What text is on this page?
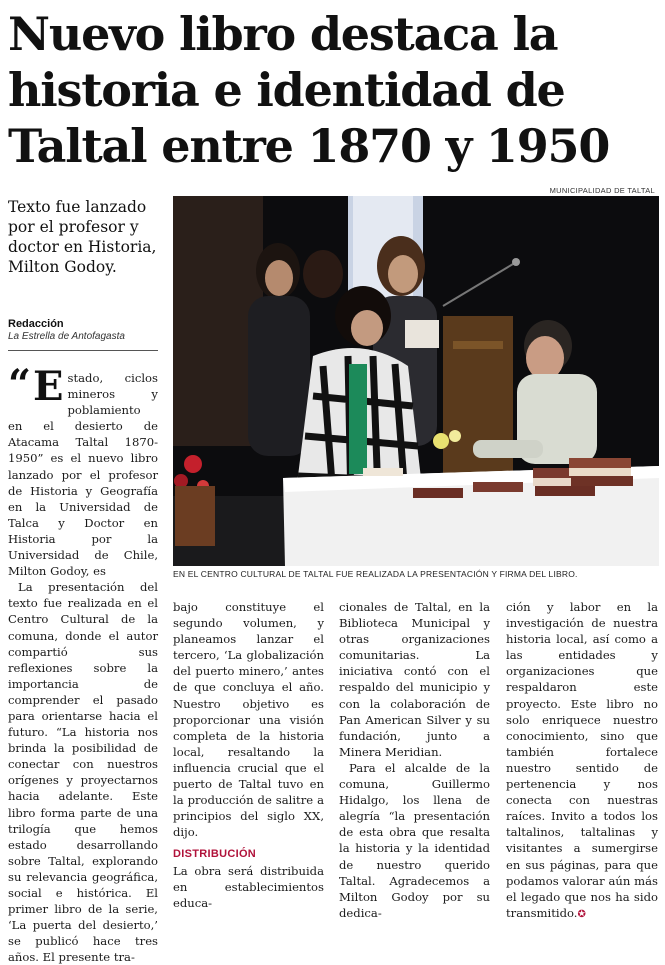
Nuevo libro destaca la historia e identidad de Taltal entre 1870 y 1950
Texto fue lanzado por el profesor y doctor en Historia, Milton Godoy.
Redacción
La Estrella de Antofagasta
MUNICIPALIDAD DE TALTAL
EN EL CENTRO CULTURAL DE TALTAL FUE REALIZADA LA PRESENTACIÓN Y FIRMA DEL LIBRO.
“ E stado, ciclos mineros y poblamiento en el desierto de Atacama Taltal 1870-1950” es el nuevo libro lanzado por el profesor de Historia y Geografía en la Universidad de Talca y Doctor en Historia por la Universidad de Chile, Milton Godoy, es

La presentación del texto fue realizada en el Centro Cultural de la comuna, donde el autor compartió sus reflexiones sobre la importancia de comprender el pasado para orientarse hacia el futuro. “La historia nos brinda la posibilidad de conectar con nuestros orígenes y proyectarnos hacia adelante. Este libro forma parte de una trilogía que hemos estado desarrollando sobre Taltal, explorando su relevancia geográfica, social e histórica. El primer libro de la serie, ‘La puerta del desierto,’ se publicó hace tres años. El presente tra-

bajo constituye el segundo volumen, y planeamos lanzar el tercero, ‘La globalización del puerto minero,’ antes de que concluya el año. Nuestro objetivo es proporcionar una visión completa de la historia local, resaltando la influencia crucial que el puerto de Taltal tuvo en la producción de salitre a principios del siglo XX, dijo.

DISTRIBUCIÓN

La obra será distribuida en establecimientos educa-

cionales de Taltal, en la Biblioteca Municipal y otras organizaciones comunitarias. La iniciativa contó con el respaldo del municipio y con la colaboración de Pan American Silver y su fundación, junto a Minera Meridian.

Para el alcalde de la comuna, Guillermo Hidalgo, los llena de alegría “la presentación de esta obra que resalta la historia y la identidad de nuestro querido Taltal. Agradecemos a Milton Godoy por su dedica-

ción y labor en la investigación de nuestra historia local, así como a las entidades y organizaciones que respaldaron este proyecto. Este libro no solo enriquece nuestro conocimiento, sino que también fortalece nuestro sentido de pertenencia y nos conecta con nuestras raíces. Invito a todos los taltalinos, taltalinas y visitantes a sumergirse en sus páginas, para que podamos valorar aún más el legado que nos ha sido transmitido.✪
